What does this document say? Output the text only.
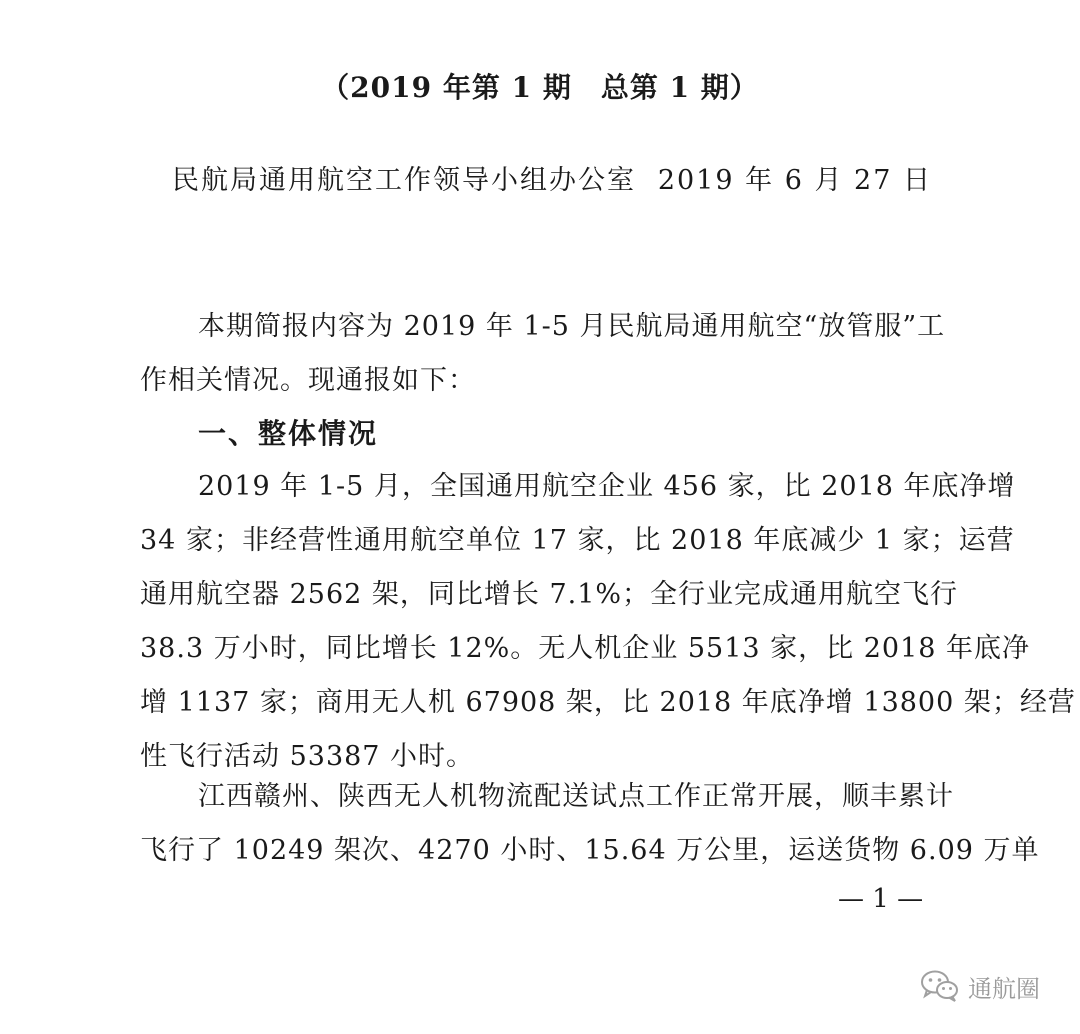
（2019 年第 1 期　总第 1 期）
民航局通用航空工作领导小组办公室 2019 年 6 月 27 日
本期简报内容为 2019 年 1-5 月民航局通用航空“放管服”工
作相关情况。现通报如下：
一、整体情况
2019 年 1-5 月，全国通用航空企业 456 家，比 2018 年底净增
34 家；非经营性通用航空单位 17 家，比 2018 年底减少 1 家；运营
通用航空器 2562 架，同比增长 7.1%；全行业完成通用航空飞行
38.3 万小时，同比增长 12%。无人机企业 5513 家，比 2018 年底净
增 1137 家；商用无人机 67908 架，比 2018 年底净增 13800 架；经营
性飞行活动 53387 小时。
江西赣州、陕西无人机物流配送试点工作正常开展，顺丰累计
飞行了 10249 架次、4270 小时、15.64 万公里，运送货物 6.09 万单
— 1 —
通航圈
